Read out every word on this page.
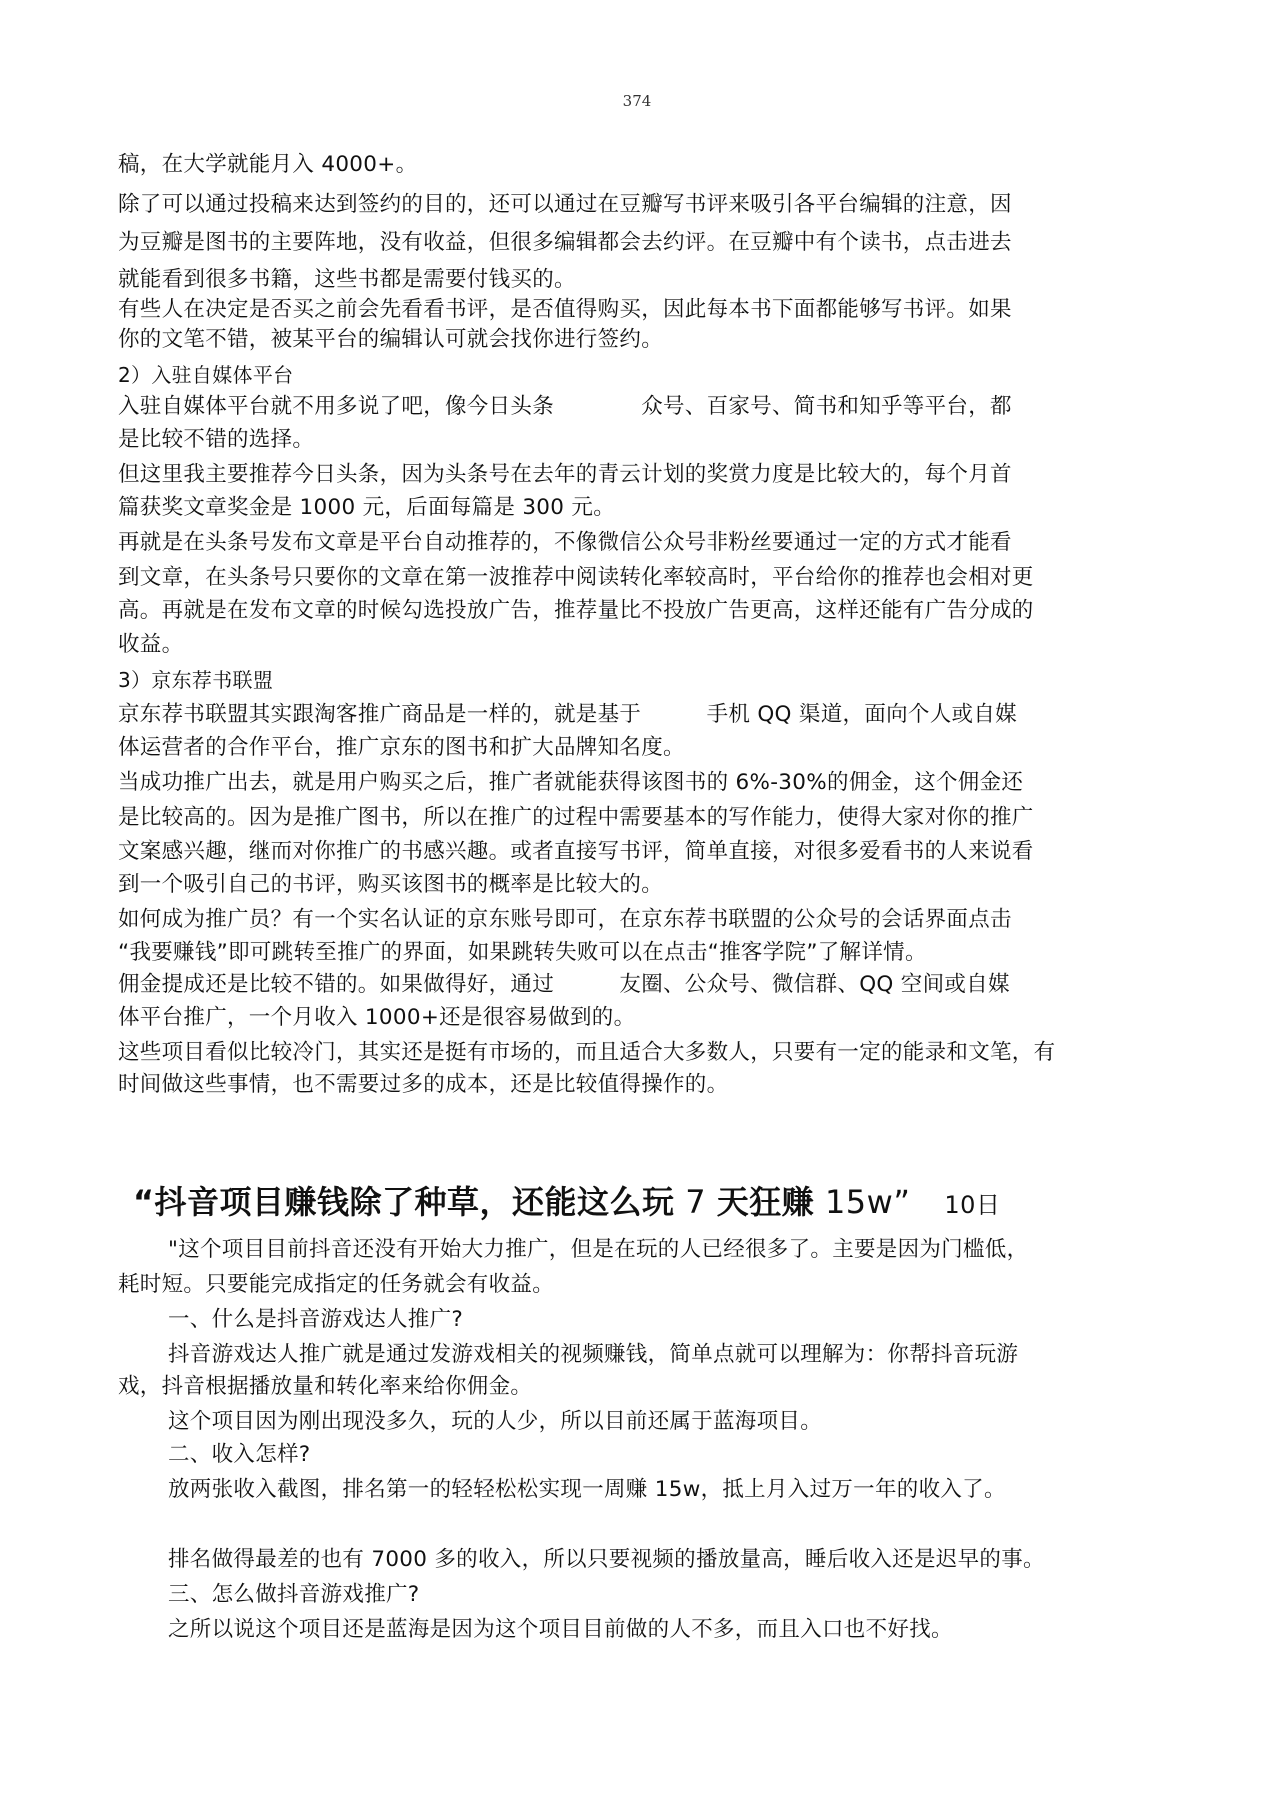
374
稿，在大学就能月入 4000+。
除了可以通过投稿来达到签约的目的，还可以通过在豆瓣写书评来吸引各平台编辑的注意，因
为豆瓣是图书的主要阵地，没有收益，但很多编辑都会去约评。在豆瓣中有个读书，点击进去
就能看到很多书籍，这些书都是需要付钱买的。
有些人在决定是否买之前会先看看书评，是否值得购买，因此每本书下面都能够写书评。如果
你的文笔不错，被某平台的编辑认可就会找你进行签约。
2）入驻自媒体平台
入驻自媒体平台就不用多说了吧，像今日头条　　　　众号、百家号、简书和知乎等平台，都
是比较不错的选择。
但这里我主要推荐今日头条，因为头条号在去年的青云计划的奖赏力度是比较大的，每个月首
篇获奖文章奖金是 1000 元，后面每篇是 300 元。
再就是在头条号发布文章是平台自动推荐的，不像微信公众号非粉丝要通过一定的方式才能看
到文章，在头条号只要你的文章在第一波推荐中阅读转化率较高时，平台给你的推荐也会相对更
高。再就是在发布文章的时候勾选投放广告，推荐量比不投放广告更高，这样还能有广告分成的
收益。
3）京东荐书联盟
京东荐书联盟其实跟淘客推广商品是一样的，就是基于　　　手机 QQ 渠道，面向个人或自媒
体运营者的合作平台，推广京东的图书和扩大品牌知名度。
当成功推广出去，就是用户购买之后，推广者就能获得该图书的 6%-30%的佣金，这个佣金还
是比较高的。因为是推广图书，所以在推广的过程中需要基本的写作能力，使得大家对你的推广
文案感兴趣，继而对你推广的书感兴趣。或者直接写书评，简单直接，对很多爱看书的人来说看
到一个吸引自己的书评，购买该图书的概率是比较大的。
如何成为推广员？有一个实名认证的京东账号即可，在京东荐书联盟的公众号的会话界面点击
“我要赚钱”即可跳转至推广的界面，如果跳转失败可以在点击“推客学院”了解详情。
佣金提成还是比较不错的。如果做得好，通过　　　友圈、公众号、微信群、QQ 空间或自媒
体平台推广，一个月收入 1000+还是很容易做到的。
这些项目看似比较冷门，其实还是挺有市场的，而且适合大多数人，只要有一定的能录和文笔，有
时间做这些事情，也不需要过多的成本，还是比较值得操作的。
“抖音项目赚钱除了种草，还能这么玩 7 天狂赚 15w” 10日
"这个项目目前抖音还没有开始大力推广，但是在玩的人已经很多了。主要是因为门槛低，
耗时短。只要能完成指定的任务就会有收益。
一、什么是抖音游戏达人推广?
抖音游戏达人推广就是通过发游戏相关的视频赚钱，简单点就可以理解为：你帮抖音玩游
戏，抖音根据播放量和转化率来给你佣金。
这个项目因为刚出现没多久，玩的人少，所以目前还属于蓝海项目。
二、收入怎样?
放两张收入截图，排名第一的轻轻松松实现一周赚 15w，抵上月入过万一年的收入了。
排名做得最差的也有 7000 多的收入，所以只要视频的播放量高，睡后收入还是迟早的事。
三、怎么做抖音游戏推广?
之所以说这个项目还是蓝海是因为这个项目目前做的人不多，而且入口也不好找。
